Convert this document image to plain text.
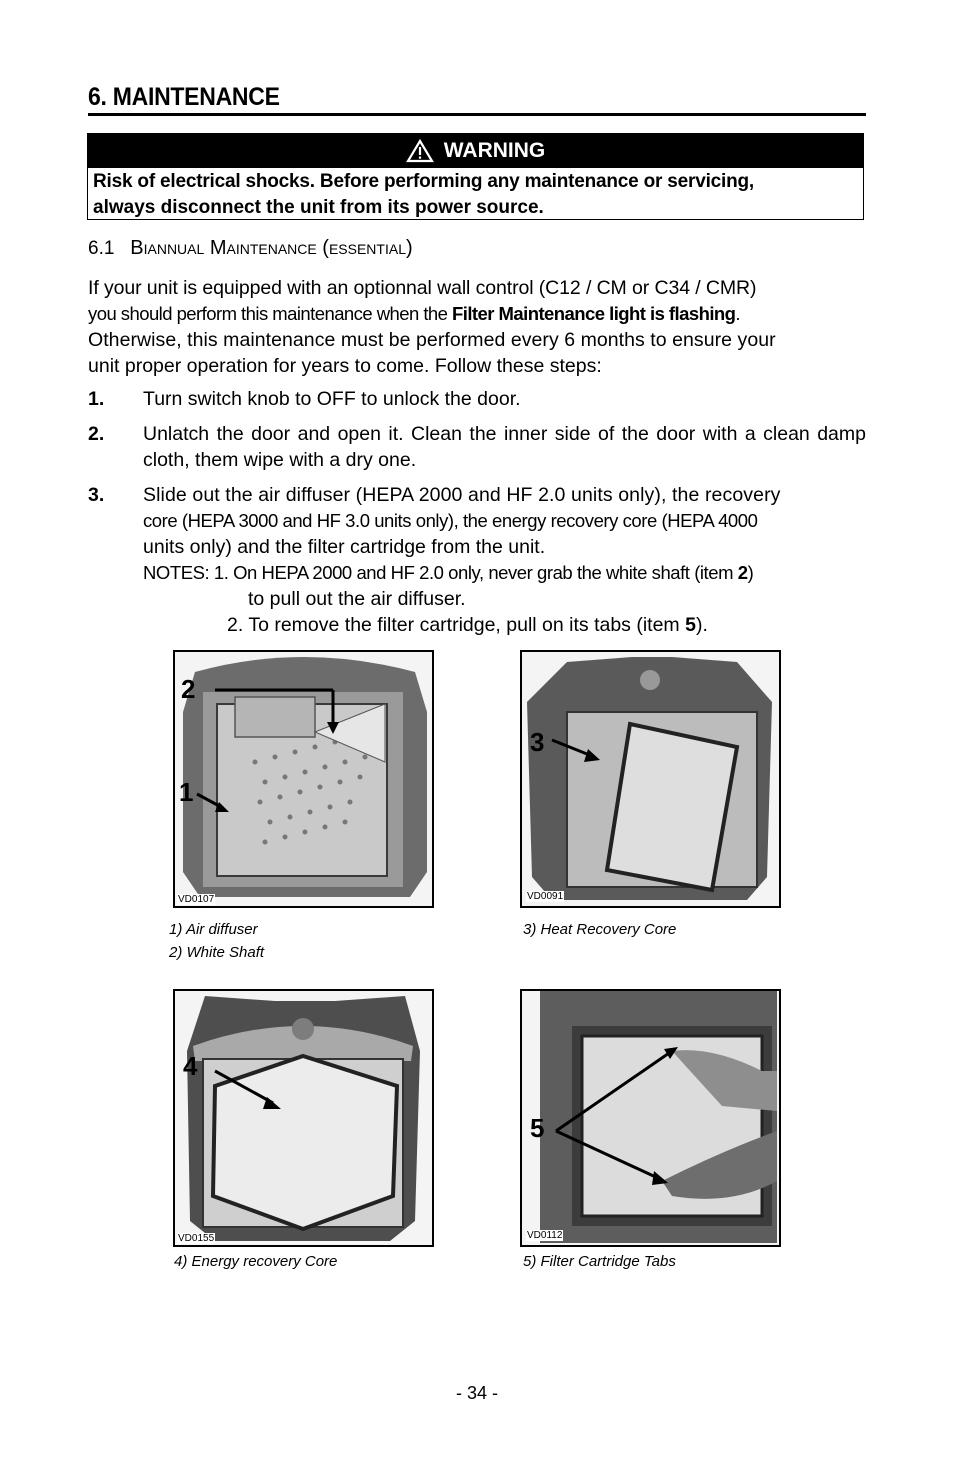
6. MAINTENANCE
WARNING
Risk of electrical shocks. Before performing any maintenance or servicing,
always disconnect the unit from its power source.
6.1 Biannual Maintenance (essential)
If your unit is equipped with an optionnal wall control (C12 / CM or C34 / CMR)
you should perform this maintenance when the Filter Maintenance light is flashing.
Otherwise, this maintenance must be performed every 6 months to ensure your
unit proper operation for years to come. Follow these steps:
1. Turn switch knob to OFF to unlock the door.
2. Unlatch the door and open it. Clean the inner side of the door with a clean damp cloth, them wipe with a dry one.
3. Slide out the air diffuser (HEPA 2000 and HF 2.0 units only), the recovery
core (HEPA 3000 and HF 3.0 units only), the energy recovery core (HEPA 4000
units only) and the filter cartridge from the unit.
NOTES: 1. On HEPA 2000 and HF 2.0 only, never grab the white shaft (item 2)
to pull out the air diffuser.
2. To remove the filter cartridge, pull on its tabs (item 5).
2
1
VD0107
3
VD0091
1) Air diffuser
2) White Shaft
3) Heat Recovery Core
4
VD0155
5
VD0112
4) Energy recovery Core	5) Filter Cartridge Tabs
- 34 -
